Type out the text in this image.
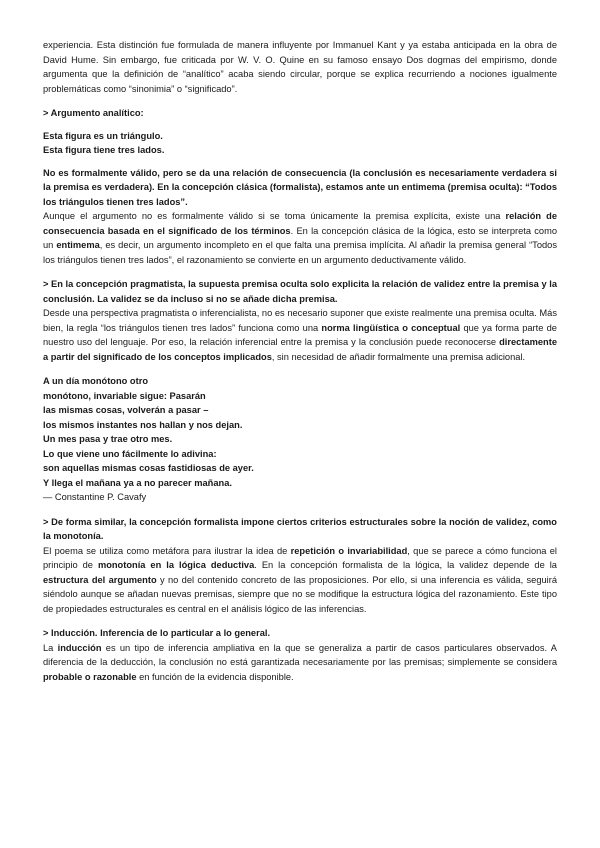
experiencia. Esta distinción fue formulada de manera influyente por Immanuel Kant y ya estaba anticipada en la obra de David Hume. Sin embargo, fue criticada por W. V. O. Quine en su famoso ensayo Dos dogmas del empirismo, donde argumenta que la definición de “analítico” acaba siendo circular, porque se explica recurriendo a nociones igualmente problemáticas como “sinonimia” o “significado”.

> Argumento analítico:

Esta figura es un triángulo.

Esta figura tiene tres lados.

No es formalmente válido, pero se da una relación de consecuencia (la conclusión es necesariamente verdadera si la premisa es verdadera). En la concepción clásica (formalista), estamos ante un entimema (premisa oculta): “Todos los triángulos tienen tres lados”.

Aunque el argumento no es formalmente válido si se toma únicamente la premisa explícita, existe una relación de consecuencia basada en el significado de los términos. En la concepción clásica de la lógica, esto se interpreta como un entimema, es decir, un argumento incompleto en el que falta una premisa implícita. Al añadir la premisa general “Todos los triángulos tienen tres lados”, el razonamiento se convierte en un argumento deductivamente válido.

> En la concepción pragmatista, la supuesta premisa oculta solo explicita la relación de validez entre la premisa y la conclusión. La validez se da incluso si no se añade dicha premisa.

Desde una perspectiva pragmatista o inferencialista, no es necesario suponer que existe realmente una premisa oculta. Más bien, la regla “los triángulos tienen tres lados” funciona como una norma lingüística o conceptual que ya forma parte de nuestro uso del lenguaje. Por eso, la relación inferencial entre la premisa y la conclusión puede reconocerse directamente a partir del significado de los conceptos implicados, sin necesidad de añadir formalmente una premisa adicional.

A un día monótono otro

monótono, invariable sigue: Pasarán

las mismas cosas, volverán a pasar –

los mismos instantes nos hallan y nos dejan.

Un mes pasa y trae otro mes.

Lo que viene uno fácilmente lo adivina:

son aquellas mismas cosas fastidiosas de ayer.

Y llega el mañana ya a no parecer mañana.

— Constantine P. Cavafy

> De forma similar, la concepción formalista impone ciertos criterios estructurales sobre la noción de validez, como la monotonía.

El poema se utiliza como metáfora para ilustrar la idea de repetición o invariabilidad, que se parece a cómo funciona el principio de monotonía en la lógica deductiva. En la concepción formalista de la lógica, la validez depende de la estructura del argumento y no del contenido concreto de las proposiciones. Por ello, si una inferencia es válida, seguirá siéndolo aunque se añadan nuevas premisas, siempre que no se modifique la estructura lógica del razonamiento. Este tipo de propiedades estructurales es central en el análisis lógico de las inferencias.

> Inducción. Inferencia de lo particular a lo general.

La inducción es un tipo de inferencia ampliativa en la que se generaliza a partir de casos particulares observados. A diferencia de la deducción, la conclusión no está garantizada necesariamente por las premisas; simplemente se considera probable o razonable en función de la evidencia disponible.
